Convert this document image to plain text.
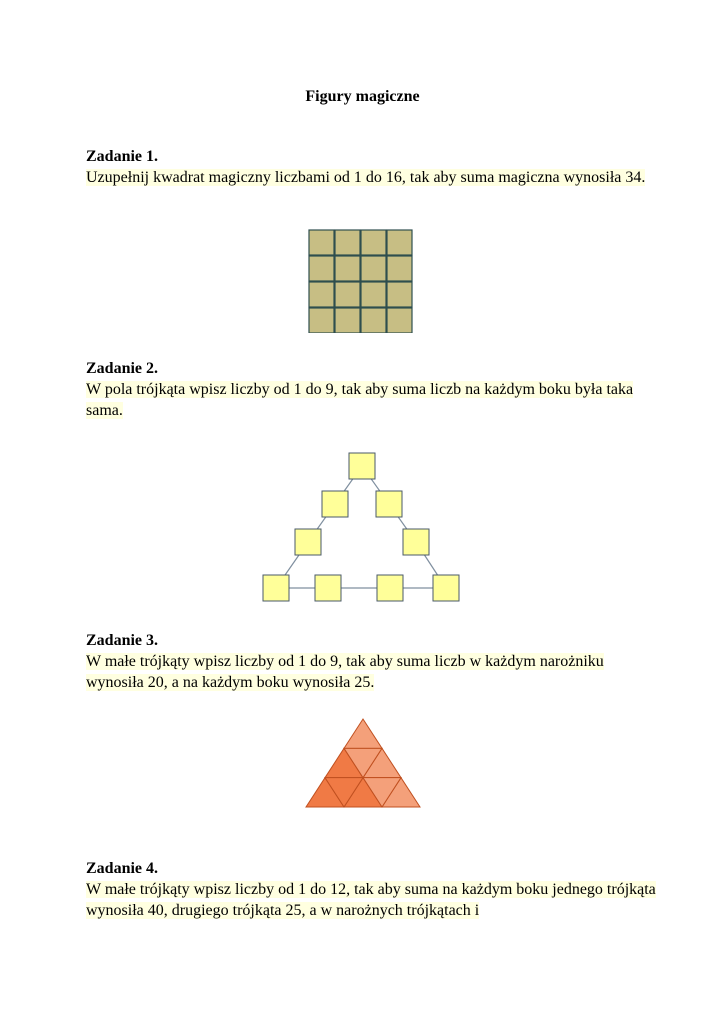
Figury magiczne
Zadanie 1.
Uzupełnij kwadrat magiczny liczbami od 1 do 16, tak aby suma magiczna wynosiła 34.
Zadanie 2.
W pola trójkąta wpisz liczby od 1 do 9, tak aby suma liczb na każdym boku była taka sama.
Zadanie 3.
W małe trójkąty wpisz liczby od 1 do 9, tak aby suma liczb w każdym narożniku wynosiła 20, a na każdym boku wynosiła 25.
Zadanie 4.
W małe trójkąty wpisz liczby od 1 do 12, tak aby suma na każdym boku jednego trójkąta wynosiła 40, drugiego trójkąta 25, a w narożnych trójkątach i
